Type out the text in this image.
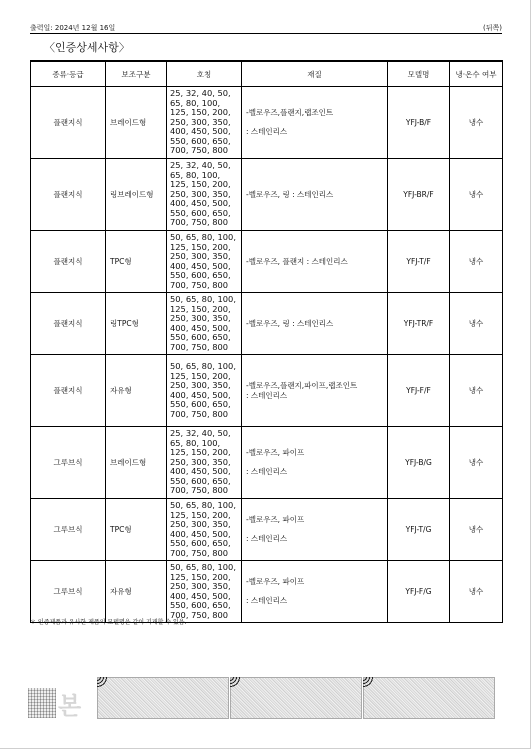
출력일: 2024년 12월 16일	(뒤쪽)
〈인증상세사항〉
종류·등급	보조구분	호칭	재질	모델명	냉·온수 여부
플랜지식	브레이드형	25, 32, 40, 50, 65, 80, 100, 125, 150, 200, 250, 300, 350, 400, 450, 500, 550, 600, 650, 700, 750, 800	-벨로우즈,플랜지,랩조인트
: 스테인리스	YFJ-B/F	냉수
플랜지식	링브레이드형	25, 32, 40, 50, 65, 80, 100, 125, 150, 200, 250, 300, 350, 400, 450, 500, 550, 600, 650, 700, 750, 800	-벨로우즈, 링 : 스테인리스	YFJ-BR/F	냉수
플랜지식	TPC형	50, 65, 80, 100, 125, 150, 200, 250, 300, 350, 400, 450, 500, 550, 600, 650, 700, 750, 800	-벨로우즈, 플랜지 : 스테인리스	YFJ-T/F	냉수
플랜지식	링TPC형	50, 65, 80, 100, 125, 150, 200, 250, 300, 350, 400, 450, 500, 550, 600, 650, 700, 750, 800	-벨로우즈, 링 : 스테인리스	YFJ-TR/F	냉수
플랜지식	자유형	50, 65, 80, 100, 125, 150, 200, 250, 300, 350, 400, 450, 500, 550, 600, 650, 700, 750, 800	-벨로우즈,플랜지,파이프,랩조인트
: 스테인리스	YFJ-F/F	냉수
그루브식	브레이드형	25, 32, 40, 50, 65, 80, 100, 125, 150, 200, 250, 300, 350, 400, 450, 500, 550, 600, 650, 700, 750, 800	-벨로우즈, 파이프
: 스테인리스	YFJ-B/G	냉수
그루브식	TPC형	50, 65, 80, 100, 125, 150, 200, 250, 300, 350, 400, 450, 500, 550, 600, 650, 700, 750, 800	-벨로우즈, 파이프
: 스테인리스	YFJ-T/G	냉수
그루브식	자유형	50, 65, 80, 100, 125, 150, 200, 250, 300, 350, 400, 450, 500, 550, 600, 650, 700, 750, 800	-벨로우즈, 파이프
: 스테인리스	YFJ-F/G	냉수
＊ 인증제품과 유사한 제품의 모델명은 같이 기재할 수 있음.
본
